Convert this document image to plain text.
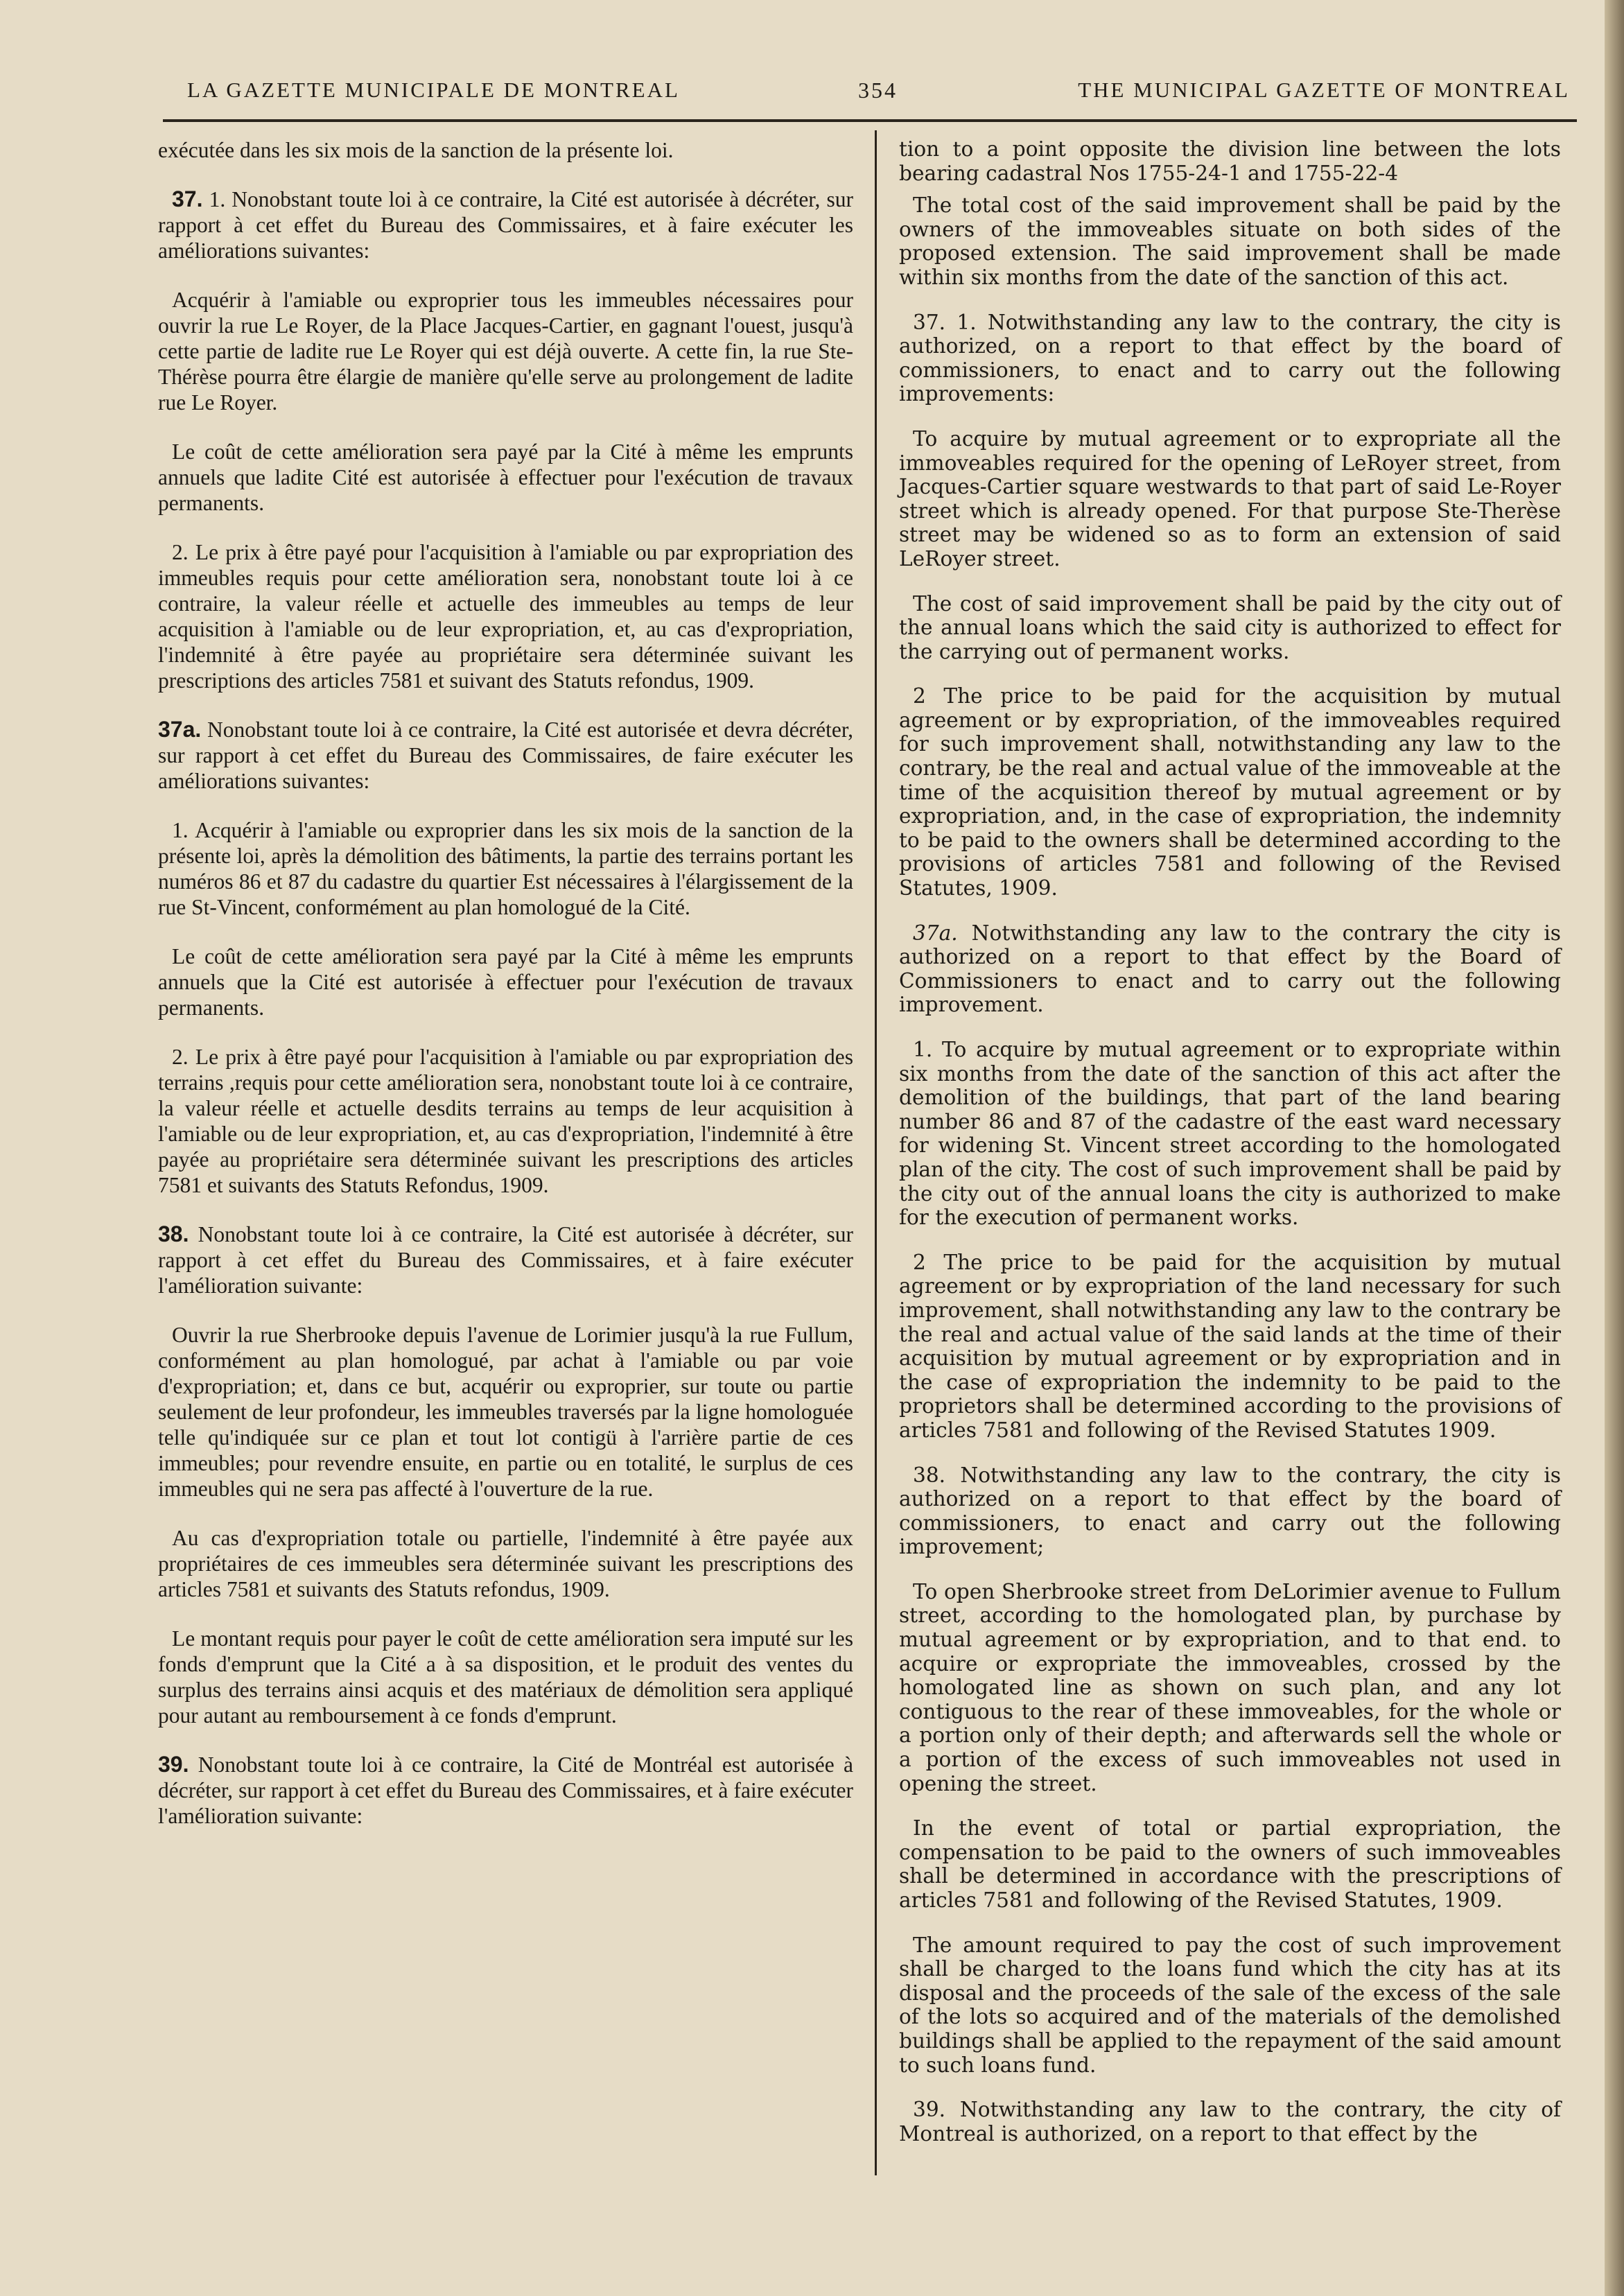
LA GAZETTE MUNICIPALE DE MONTREAL	354	THE MUNICIPAL GAZETTE OF MONTREAL

exécutée dans les six mois de la sanction de la présente loi.

37. 1. Nonobstant toute loi à ce contraire, la Cité est autorisée à décréter, sur rapport à cet effet du Bureau des Commissaires, et à faire exécuter les améliorations suivantes:

Acquérir à l'amiable ou exproprier tous les immeubles nécessaires pour ouvrir la rue Le Royer, de la Place Jacques-Cartier, en gagnant l'ouest, jusqu'à cette partie de ladite rue Le Royer qui est déjà ouverte. A cette fin, la rue Ste-Thérèse pourra être élargie de manière qu'elle serve au prolongement de ladite rue Le Royer.

Le coût de cette amélioration sera payé par la Cité à même les emprunts annuels que ladite Cité est autorisée à effectuer pour l'exécution de travaux permanents.

2. Le prix à être payé pour l'acquisition à l'amiable ou par expropriation des immeubles requis pour cette amélioration sera, nonobstant toute loi à ce contraire, la valeur réelle et actuelle des immeubles au temps de leur acquisition à l'amiable ou de leur expropriation, et, au cas d'expropriation, l'indemnité à être payée au propriétaire sera déterminée suivant les prescriptions des articles 7581 et suivant des Statuts refondus, 1909.

37a. Nonobstant toute loi à ce contraire, la Cité est autorisée et devra décréter, sur rapport à cet effet du Bureau des Commissaires, de faire exécuter les améliorations suivantes:

1. Acquérir à l'amiable ou exproprier dans les six mois de la sanction de la présente loi, après la démolition des bâtiments, la partie des terrains portant les numéros 86 et 87 du cadastre du quartier Est nécessaires à l'élargissement de la rue St-Vincent, conformément au plan homologué de la Cité.

Le coût de cette amélioration sera payé par la Cité à même les emprunts annuels que la Cité est autorisée à effectuer pour l'exécution de travaux permanents.

2. Le prix à être payé pour l'acquisition à l'amiable ou par expropriation des terrains ,requis pour cette amélioration sera, nonobstant toute loi à ce contraire, la valeur réelle et actuelle desdits terrains au temps de leur acquisition à l'amiable ou de leur expropriation, et, au cas d'expropriation, l'indemnité à être payée au propriétaire sera déterminée suivant les prescriptions des articles 7581 et suivants des Statuts Refondus, 1909.

38. Nonobstant toute loi à ce contraire, la Cité est autorisée à décréter, sur rapport à cet effet du Bureau des Commissaires, et à faire exécuter l'amélioration suivante:

Ouvrir la rue Sherbrooke depuis l'avenue de Lorimier jusqu'à la rue Fullum, conformément au plan homologué, par achat à l'amiable ou par voie d'expropriation; et, dans ce but, acquérir ou exproprier, sur toute ou partie seulement de leur profondeur, les immeubles traversés par la ligne homologuée telle qu'indiquée sur ce plan et tout lot contigü à l'arrière partie de ces immeubles; pour revendre ensuite, en partie ou en totalité, le surplus de ces immeubles qui ne sera pas affecté à l'ouverture de la rue.

Au cas d'expropriation totale ou partielle, l'indemnité à être payée aux propriétaires de ces immeubles sera déterminée suivant les prescriptions des articles 7581 et suivants des Statuts refondus, 1909.

Le montant requis pour payer le coût de cette amélioration sera imputé sur les fonds d'emprunt que la Cité a à sa disposition, et le produit des ventes du surplus des terrains ainsi acquis et des matériaux de démolition sera appliqué pour autant au remboursement à ce fonds d'emprunt.

39. Nonobstant toute loi à ce contraire, la Cité de Montréal est autorisée à décréter, sur rapport à cet effet du Bureau des Commissaires, et à faire exécuter l'amélioration suivante:

tion to a point opposite the division line between the lots bearing cadastral Nos 1755-24-1 and 1755-22-4

The total cost of the said improvement shall be paid by the owners of the immoveables situate on both sides of the proposed extension. The said improvement shall be made within six months from the date of the sanction of this act.

37. 1. Notwithstanding any law to the contrary, the city is authorized, on a report to that effect by the board of commissioners, to enact and to carry out the following improvements:

To acquire by mutual agreement or to expropriate all the immoveables required for the opening of LeRoyer street, from Jacques-Cartier square westwards to that part of said Le-Royer street which is already opened. For that purpose Ste-Therèse street may be widened so as to form an extension of said LeRoyer street.

The cost of said improvement shall be paid by the city out of the annual loans which the said city is authorized to effect for the carrying out of permanent works.

2 The price to be paid for the acquisition by mutual agreement or by expropriation, of the immoveables required for such improvement shall, notwithstanding any law to the contrary, be the real and actual value of the immoveable at the time of the acquisition thereof by mutual agreement or by expropriation, and, in the case of expropriation, the indemnity to be paid to the owners shall be determined according to the provisions of articles 7581 and following of the Revised Statutes, 1909.

37a. Notwithstanding any law to the contrary the city is authorized on a report to that effect by the Board of Commissioners to enact and to carry out the following improvement.

1. To acquire by mutual agreement or to expropriate within six months from the date of the sanction of this act after the demolition of the buildings, that part of the land bearing number 86 and 87 of the cadastre of the east ward necessary for widening St. Vincent street according to the homologated plan of the city. The cost of such improvement shall be paid by the city out of the annual loans the city is authorized to make for the execution of permanent works.

2 The price to be paid for the acquisition by mutual agreement or by expropriation of the land necessary for such improvement, shall notwithstanding any law to the contrary be the real and actual value of the said lands at the time of their acquisition by mutual agreement or by expropriation and in the case of expropriation the indemnity to be paid to the proprietors shall be determined according to the provisions of articles 7581 and following of the Revised Statutes 1909.

38. Notwithstanding any law to the contrary, the city is authorized on a report to that effect by the board of commissioners, to enact and carry out the following improvement;

To open Sherbrooke street from DeLorimier avenue to Fullum street, according to the homologated plan, by purchase by mutual agreement or by expropriation, and to that end. to acquire or expropriate the immoveables, crossed by the homologated line as shown on such plan, and any lot contiguous to the rear of these immoveables, for the whole or a portion only of their depth; and afterwards sell the whole or a portion of the excess of such immoveables not used in opening the street.

In the event of total or partial expropriation, the compensation to be paid to the owners of such immoveables shall be determined in accordance with the prescriptions of articles 7581 and following of the Revised Statutes, 1909.

The amount required to pay the cost of such improvement shall be charged to the loans fund which the city has at its disposal and the proceeds of the sale of the excess of the sale of the lots so acquired and of the materials of the demolished buildings shall be applied to the repayment of the said amount to such loans fund.

39. Notwithstanding any law to the contrary, the city of Montreal is authorized, on a report to that effect by the
